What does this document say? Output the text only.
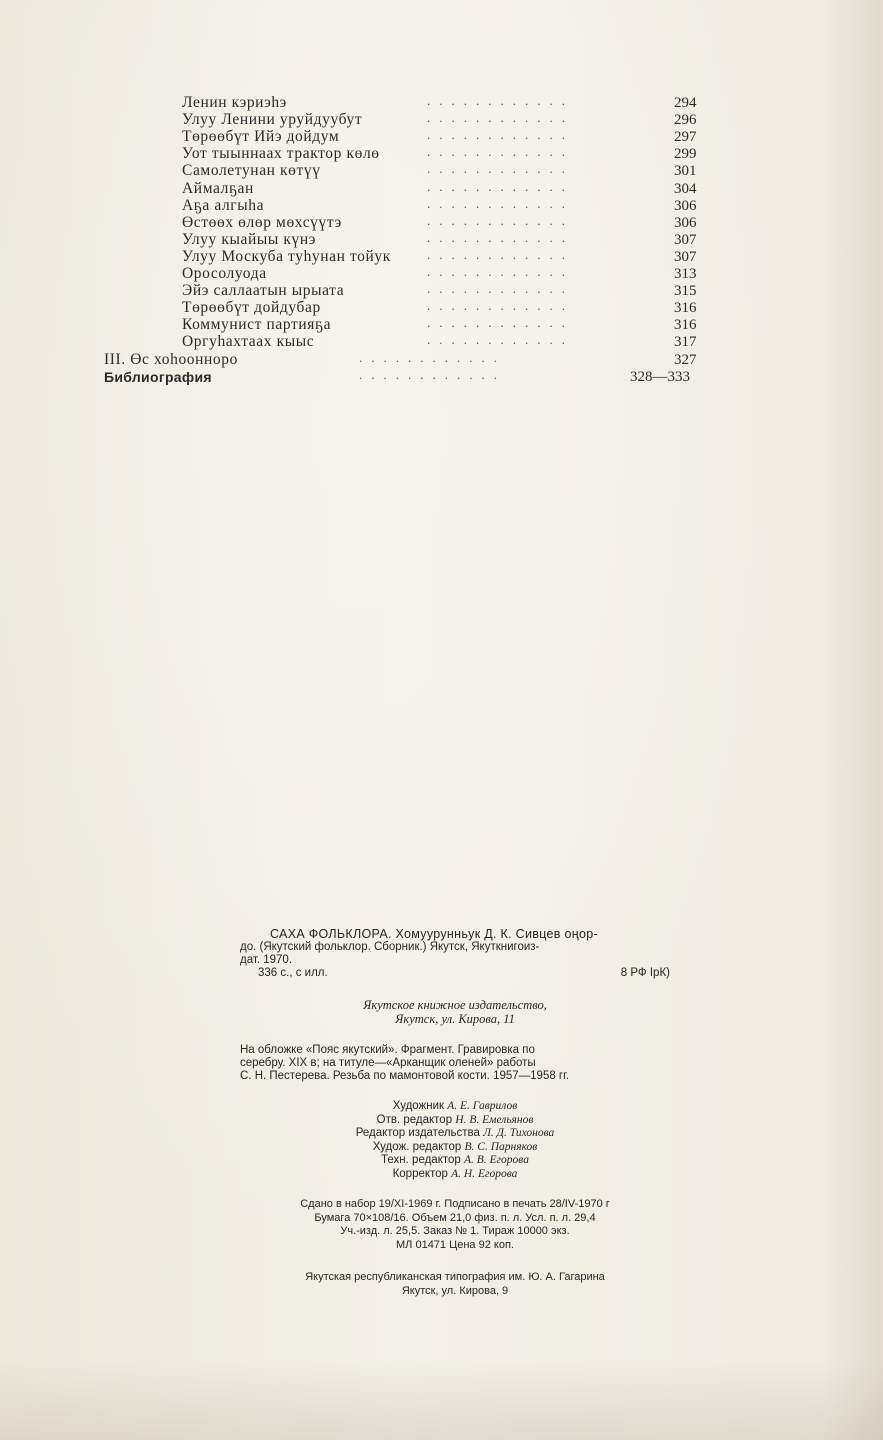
Ленин кэриэһэ	............	294
Улуу Ленини уруйдуубут	............	296
Төрөөбүт Ийэ дойдум	............	297
Уот тыыннаах трактор көлө	............	299
Самолетунан көтүү	............	301
Аймалҕан	............	304
Аҕа алгыһа	............	306
Өстөөх өлөр мөхсүүтэ	............	306
Улуу кыайыы күнэ	............	307
Улуу Москуба туһунан тойук	............	307
Оросолуода	............	313
Эйэ саллаатын ырыата	............	315
Төрөөбүт дойдубар	............	316
Коммунист партияҕа	............	316
Оргуһахтаах кыыс	............	317
III. Өс хоһооннoро	............	327
Библиография	............	328—333

САХА ФОЛЬКЛОРА. Хомуурунньук Д. К. Сивцев оңор-

до. (Якутский фольклор. Сборник.) Якутск, Якуткнигоиз-

дат. 1970.

336 с., с илл.	8 РФ IрК)
Якутское книжное издательство,
Якутск, ул. Кирова, 11
На обложке «Пояс якутский». Фрагмент. Гравировка по
серебру. XIX в; на титуле—«Арканщик оленей» работы
С. Н. Пестерева. Резьба по мамонтовой кости. 1957—1958 гг.
Художник А. Е. Гаврилов
Отв. редактор Н. В. Емельянов
Редактор издательства Л. Д. Тихонова
Худож. редактор В. С. Парняков
Техн. редактор А. В. Егорова
Корректор А. Н. Егорова
Сдано в набор 19/XI-1969 г. Подписано в печать 28/IV-1970 г
Бумага 70×108/16. Объем 21,0 физ. п. л. Усл. п. л. 29,4
Уч.-изд. л. 25,5. Заказ № 1. Тираж 10000 экз.
МЛ 01471 Цена 92 коп.
Якутская республиканская типография им. Ю. А. Гагарина
Якутск, ул. Кирова, 9
